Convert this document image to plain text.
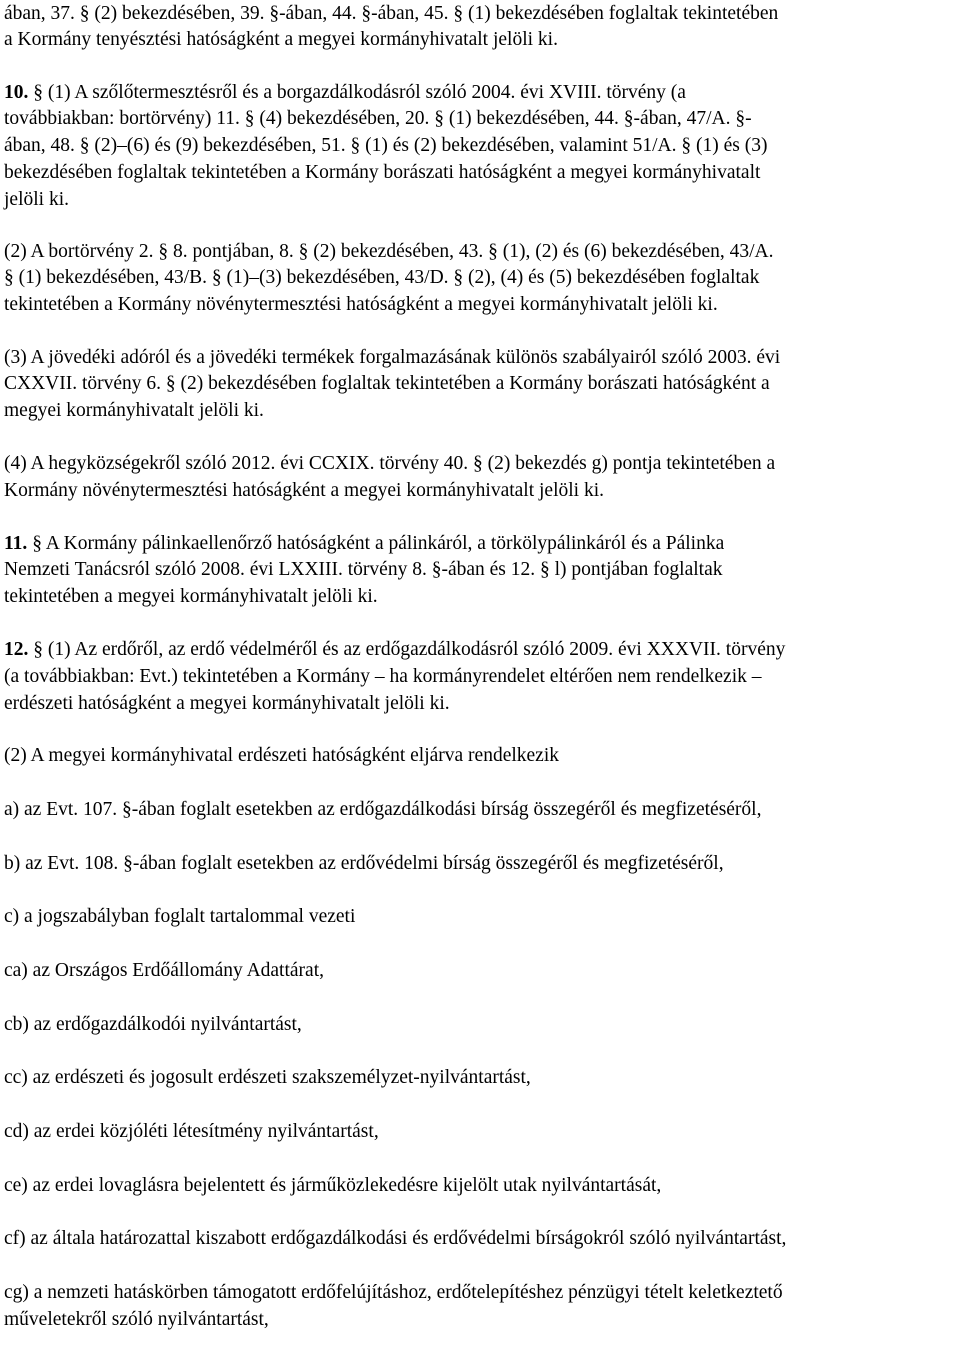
ában, 37. § (2) bekezdésében, 39. §-ában, 44. §-ában, 45. § (1) bekezdésében foglaltak tekintetében

a Kormány tenyésztési hatóságként a megyei kormányhivatalt jelöli ki.

10. § (1) A szőlőtermesztésről és a borgazdálkodásról szóló 2004. évi XVIII. törvény (a

továbbiakban: bortörvény) 11. § (4) bekezdésében, 20. § (1) bekezdésében, 44. §-ában, 47/A. §-

ában, 48. § (2)–(6) és (9) bekezdésében, 51. § (1) és (2) bekezdésében, valamint 51/A. § (1) és (3)

bekezdésében foglaltak tekintetében a Kormány borászati hatóságként a megyei kormányhivatalt

jelöli ki.

(2) A bortörvény 2. § 8. pontjában, 8. § (2) bekezdésében, 43. § (1), (2) és (6) bekezdésében, 43/A.

§ (1) bekezdésében, 43/B. § (1)–(3) bekezdésében, 43/D. § (2), (4) és (5) bekezdésében foglaltak

tekintetében a Kormány növénytermesztési hatóságként a megyei kormányhivatalt jelöli ki.

(3) A jövedéki adóról és a jövedéki termékek forgalmazásának különös szabályairól szóló 2003. évi

CXXVII. törvény 6. § (2) bekezdésében foglaltak tekintetében a Kormány borászati hatóságként a

megyei kormányhivatalt jelöli ki.

(4) A hegyközségekről szóló 2012. évi CCXIX. törvény 40. § (2) bekezdés g) pontja tekintetében a

Kormány növénytermesztési hatóságként a megyei kormányhivatalt jelöli ki.

11. § A Kormány pálinkaellenőrző hatóságként a pálinkáról, a törkölypálinkáról és a Pálinka

Nemzeti Tanácsról szóló 2008. évi LXXIII. törvény 8. §-ában és 12. § l) pontjában foglaltak

tekintetében a megyei kormányhivatalt jelöli ki.

12. § (1) Az erdőről, az erdő védelméről és az erdőgazdálkodásról szóló 2009. évi XXXVII. törvény

(a továbbiakban: Evt.) tekintetében a Kormány – ha kormányrendelet eltérően nem rendelkezik –

erdészeti hatóságként a megyei kormányhivatalt jelöli ki.

(2) A megyei kormányhivatal erdészeti hatóságként eljárva rendelkezik

a) az Evt. 107. §-ában foglalt esetekben az erdőgazdálkodási bírság összegéről és megfizetéséről,

b) az Evt. 108. §-ában foglalt esetekben az erdővédelmi bírság összegéről és megfizetéséről,

c) a jogszabályban foglalt tartalommal vezeti

ca) az Országos Erdőállomány Adattárat,

cb) az erdőgazdálkodói nyilvántartást,

cc) az erdészeti és jogosult erdészeti szakszemélyzet-nyilvántartást,

cd) az erdei közjóléti létesítmény nyilvántartást,

ce) az erdei lovaglásra bejelentett és járműközlekedésre kijelölt utak nyilvántartását,

cf) az általa határozattal kiszabott erdőgazdálkodási és erdővédelmi bírságokról szóló nyilvántartást,

cg) a nemzeti hatáskörben támogatott erdőfelújításhoz, erdőtelepítéshez pénzügyi tételt keletkeztető

műveletekről szóló nyilvántartást,
